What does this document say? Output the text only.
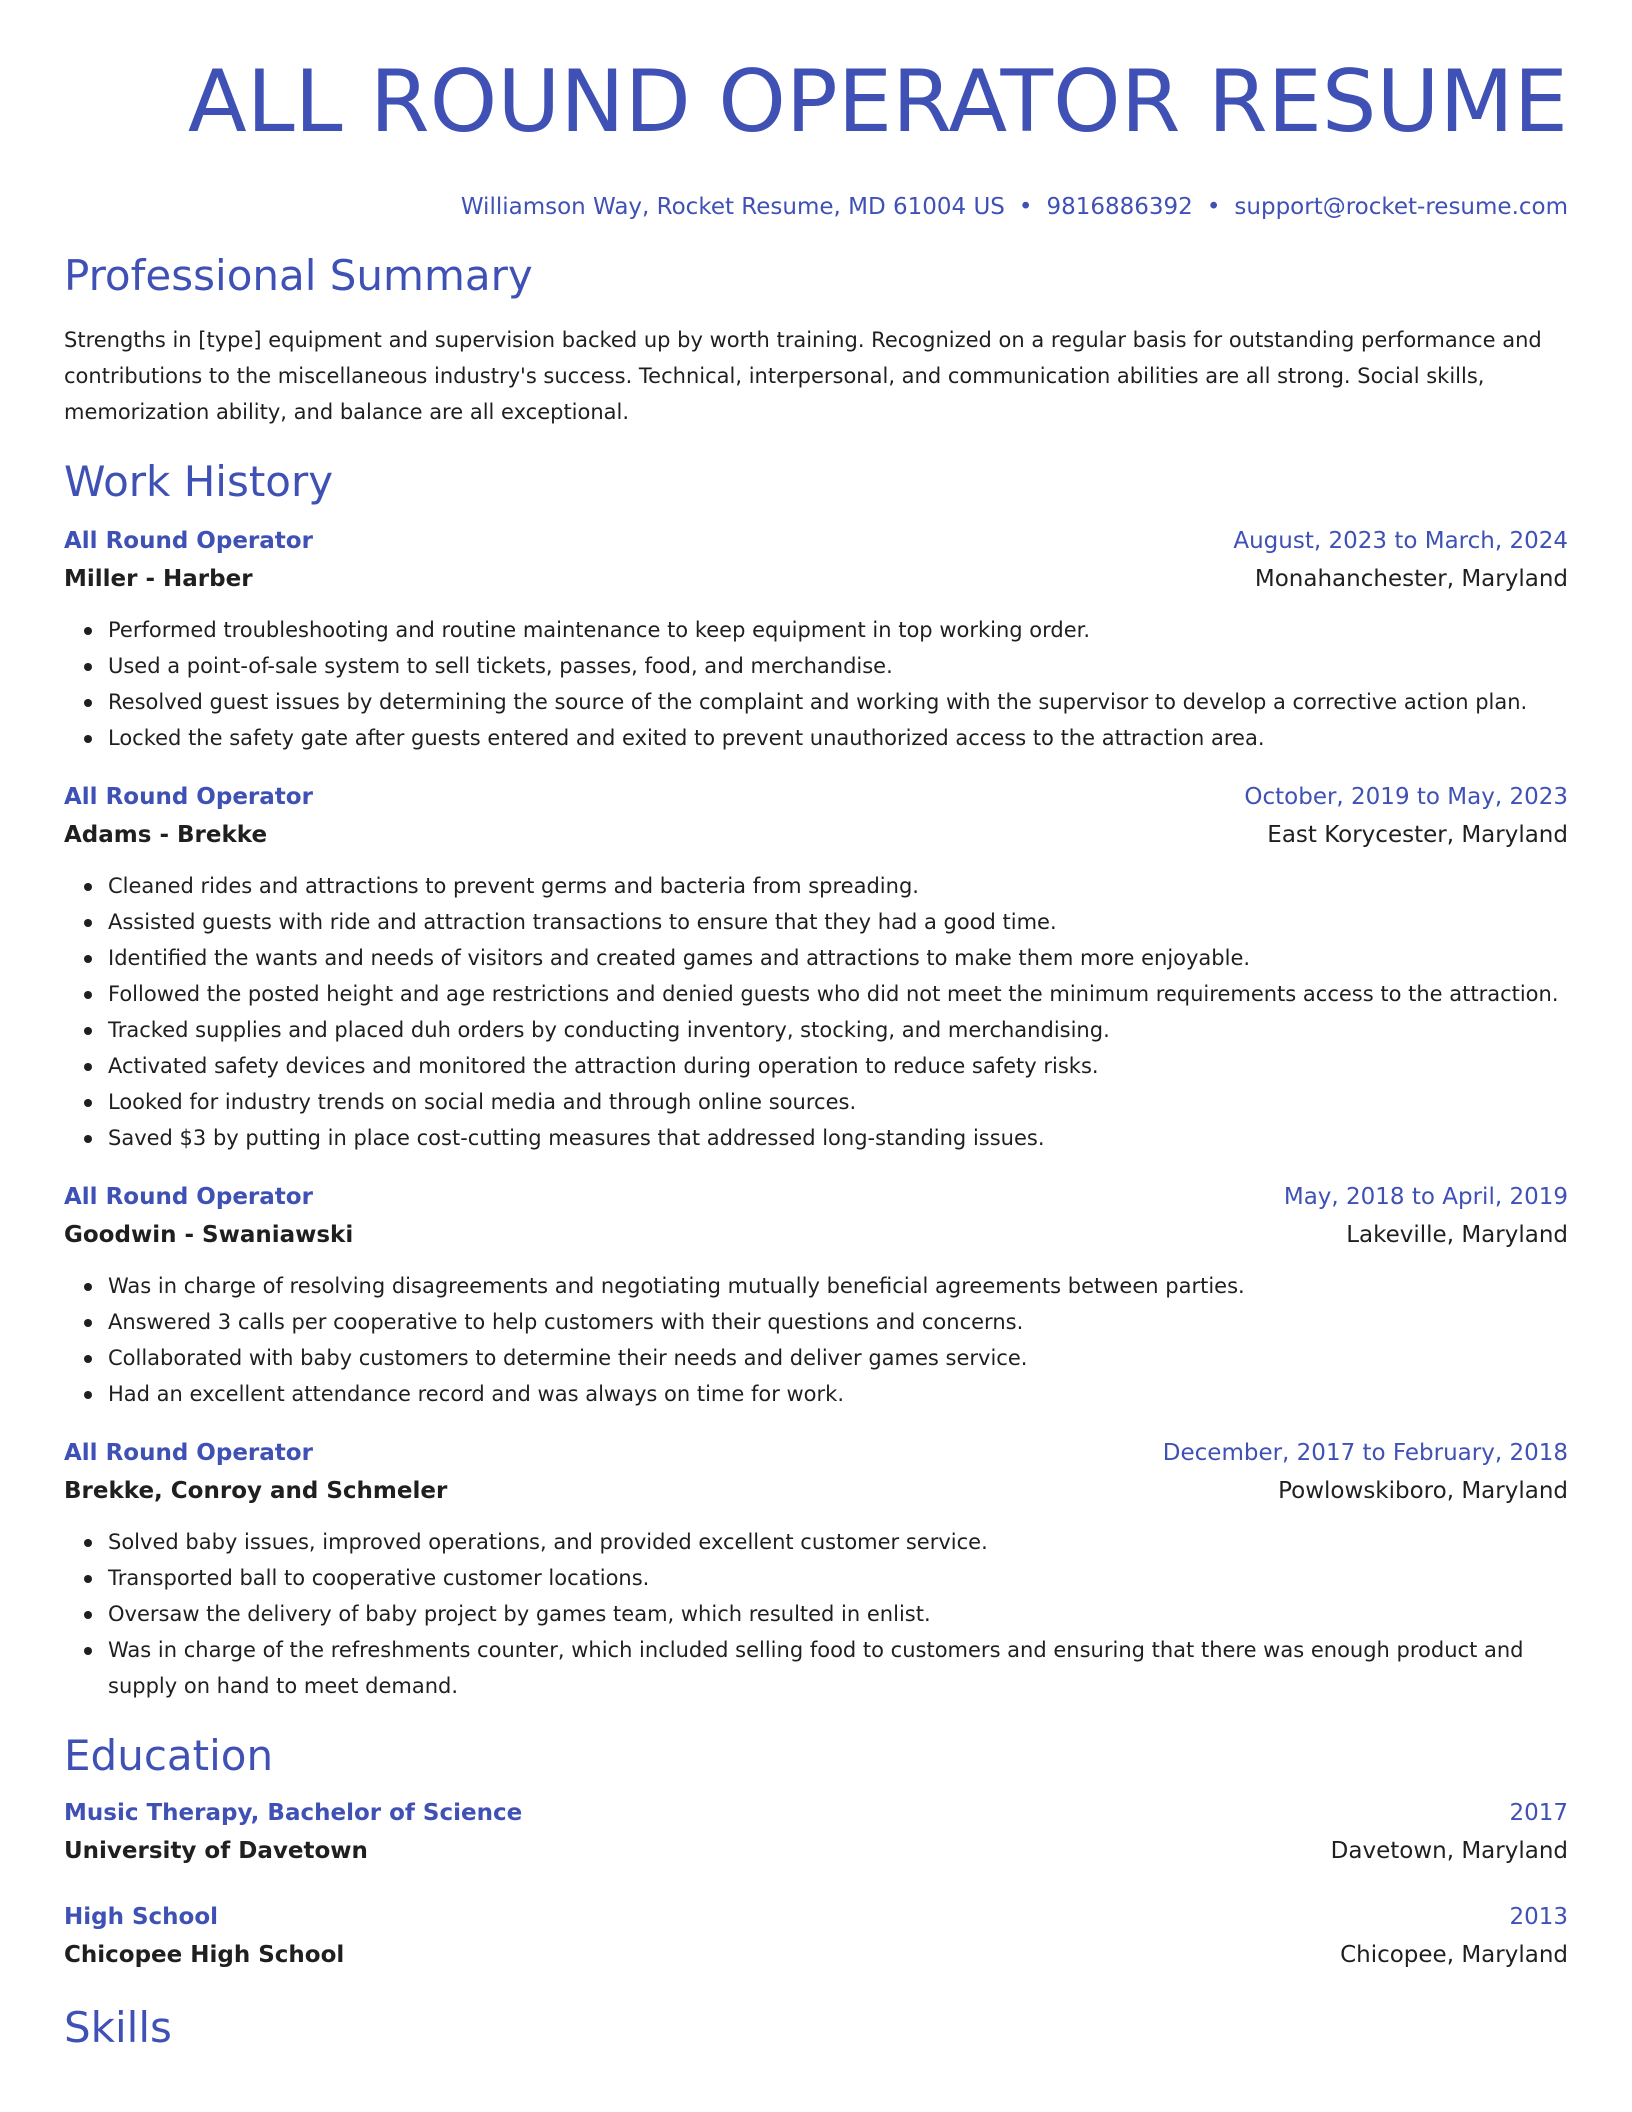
ALL ROUND OPERATOR RESUME
Williamson Way, Rocket Resume, MD 61004 US • 9816886392 • support@rocket-resume.com
Professional Summary

Strengths in [type] equipment and supervision backed up by worth training. Recognized on a regular basis for outstanding performance and contributions to the miscellaneous industry's success. Technical, interpersonal, and communication abilities are all strong. Social skills, memorization ability, and balance are all exceptional.

Work History
All Round Operator	August, 2023 to March, 2024
Miller - Harber	Monahanchester, Maryland
Performed troubleshooting and routine maintenance to keep equipment in top working order.
Used a point-of-sale system to sell tickets, passes, food, and merchandise.
Resolved guest issues by determining the source of the complaint and working with the supervisor to develop a corrective action plan.
Locked the safety gate after guests entered and exited to prevent unauthorized access to the attraction area.
All Round Operator	October, 2019 to May, 2023
Adams - Brekke	East Korycester, Maryland
Cleaned rides and attractions to prevent germs and bacteria from spreading.
Assisted guests with ride and attraction transactions to ensure that they had a good time.
Identified the wants and needs of visitors and created games and attractions to make them more enjoyable.
Followed the posted height and age restrictions and denied guests who did not meet the minimum requirements access to the attraction.
Tracked supplies and placed duh orders by conducting inventory, stocking, and merchandising.
Activated safety devices and monitored the attraction during operation to reduce safety risks.
Looked for industry trends on social media and through online sources.
Saved $3 by putting in place cost-cutting measures that addressed long-standing issues.
All Round Operator	May, 2018 to April, 2019
Goodwin - Swaniawski	Lakeville, Maryland
Was in charge of resolving disagreements and negotiating mutually beneficial agreements between parties.
Answered 3 calls per cooperative to help customers with their questions and concerns.
Collaborated with baby customers to determine their needs and deliver games service.
Had an excellent attendance record and was always on time for work.
All Round Operator	December, 2017 to February, 2018
Brekke, Conroy and Schmeler	Powlowskiboro, Maryland
Solved baby issues, improved operations, and provided excellent customer service.
Transported ball to cooperative customer locations.
Oversaw the delivery of baby project by games team, which resulted in enlist.
Was in charge of the refreshments counter, which included selling food to customers and ensuring that there was enough product and supply on hand to meet demand.
Education
Music Therapy, Bachelor of Science	2017
University of Davetown	Davetown, Maryland
High School	2013
Chicopee High School	Chicopee, Maryland
Skills
